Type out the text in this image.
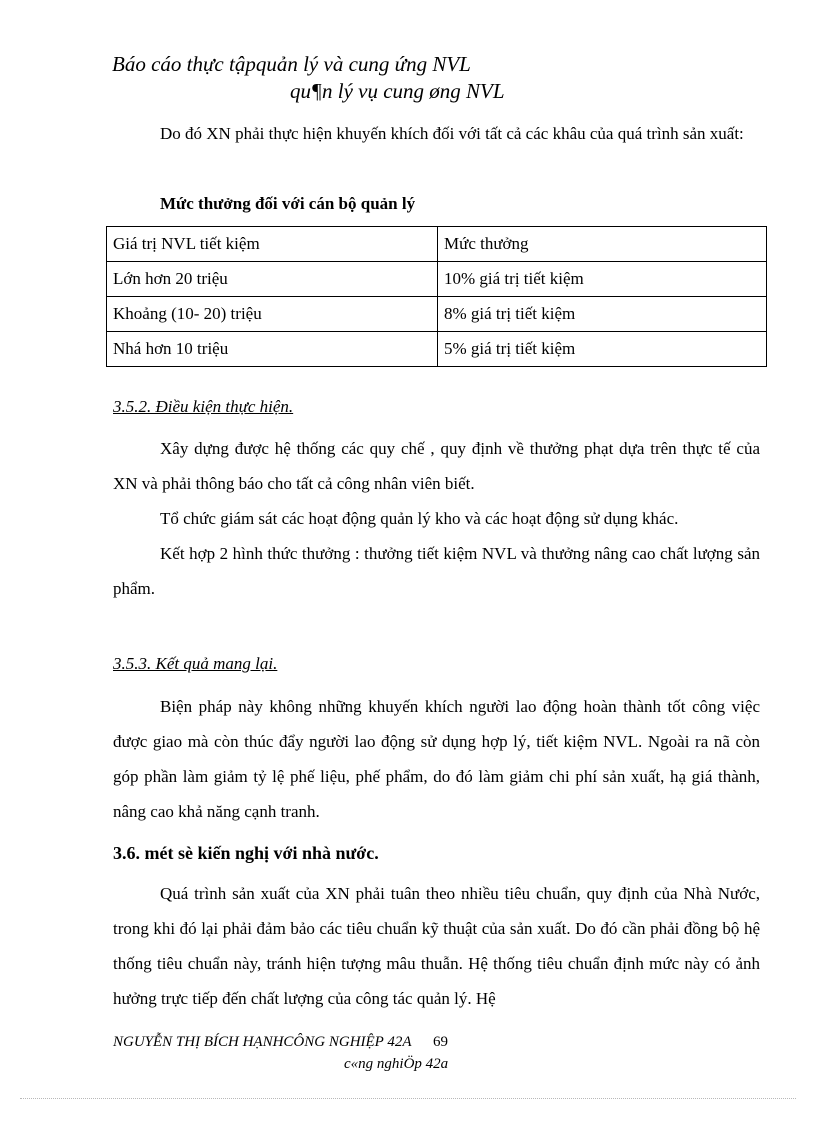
Báo cáo thực tậpquản lý và cung ứng NVL
qu¶n lý vụ cung øng NVL

Do đó XN phải thực hiện khuyến khích đối với tất cả các khâu của quá trình sản xuất:

Mức thưởng đối với cán bộ quản lý
Giá trị NVL tiết kiệm	Mức thưởng
Lớn hơn 20 triệu	10% giá trị tiết kiệm
Khoảng (10- 20) triệu	8% giá trị tiết kiệm
Nhá hơn 10 triệu	5% giá trị tiết kiệm
3.5.2. Điều kiện thực hiện.

Xây dựng được hệ thống các quy chế , quy định về thưởng phạt dựa trên thực tế của XN và phải thông báo cho tất cả công nhân viên biết.

Tổ chức giám sát các hoạt động quản lý kho và các hoạt động sử dụng khác.

Kết hợp 2 hình thức thưởng : thưởng tiết kiệm NVL và thưởng nâng cao chất lượng sản phẩm.

3.5.3. Kết quả mang lại.

Biện pháp này không những khuyến khích người lao động hoàn thành tốt công việc được giao mà còn thúc đẩy người lao động sử dụng hợp lý, tiết kiệm NVL. Ngoài ra nã còn góp phần làm giảm tỷ lệ phế liệu, phế phẩm, do đó làm giảm chi phí sản xuất, hạ giá thành, nâng cao khả năng cạnh tranh.

3.6. mét sè kiến nghị với nhà nước.

Quá trình sản xuất của XN phải tuân theo nhiều tiêu chuẩn, quy định của Nhà Nước, trong khi đó lại phải đảm bảo các tiêu chuẩn kỹ thuật của sản xuất. Do đó cần phải đồng bộ hệ thống tiêu chuẩn này, tránh hiện tượng mâu thuẫn. Hệ thống tiêu chuẩn định mức này có ảnh hưởng trực tiếp đến chất lượng của công tác quản lý. Hệ

NGUYỄN THỊ BÍCH HẠNHCÔNG NGHIỆP 42A 69
c«ng nghiÖp 42a
